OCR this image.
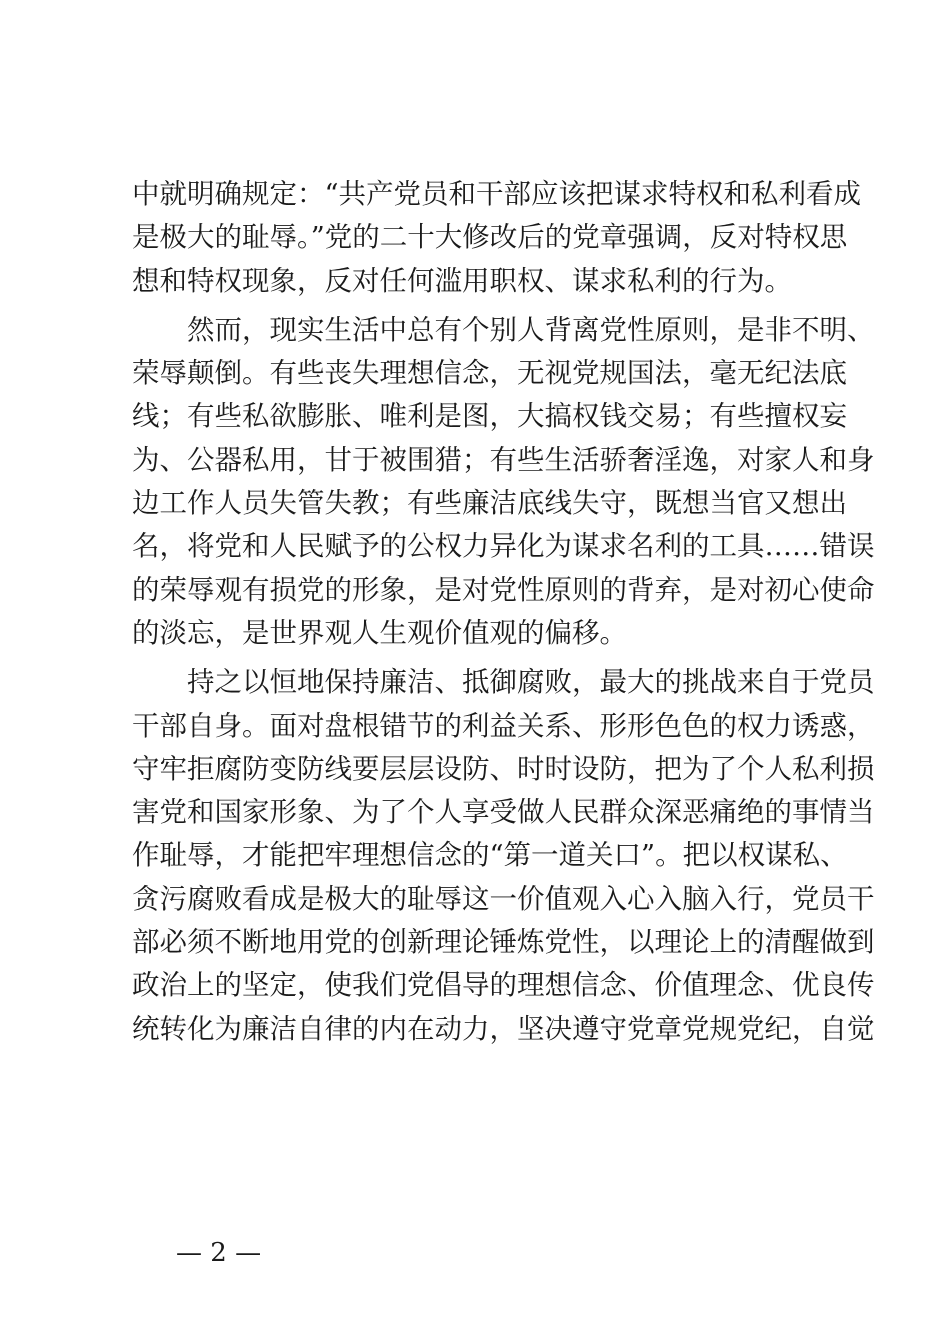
中就明确规定：“共产党员和干部应该把谋求特权和私利看成
是极大的耻辱。”党的二十大修改后的党章强调，反对特权思
想和特权现象，反对任何滥用职权、谋求私利的行为。
然而，现实生活中总有个别人背离党性原则，是非不明、
荣辱颠倒。有些丧失理想信念，无视党规国法，毫无纪法底
线；有些私欲膨胀、唯利是图，大搞权钱交易；有些擅权妄
为、公器私用，甘于被围猎；有些生活骄奢淫逸，对家人和身
边工作人员失管失教；有些廉洁底线失守，既想当官又想出
名，将党和人民赋予的公权力异化为谋求名利的工具……错误
的荣辱观有损党的形象，是对党性原则的背弃，是对初心使命
的淡忘，是世界观人生观价值观的偏移。
持之以恒地保持廉洁、抵御腐败，最大的挑战来自于党员
干部自身。面对盘根错节的利益关系、形形色色的权力诱惑，
守牢拒腐防变防线要层层设防、时时设防，把为了个人私利损
害党和国家形象、为了个人享受做人民群众深恶痛绝的事情当
作耻辱，才能把牢理想信念的“第一道关口”。把以权谋私、
贪污腐败看成是极大的耻辱这一价值观入心入脑入行，党员干
部必须不断地用党的创新理论锤炼党性，以理论上的清醒做到
政治上的坚定，使我们党倡导的理想信念、价值理念、优良传
统转化为廉洁自律的内在动力，坚决遵守党章党规党纪，自觉
— 2 —
